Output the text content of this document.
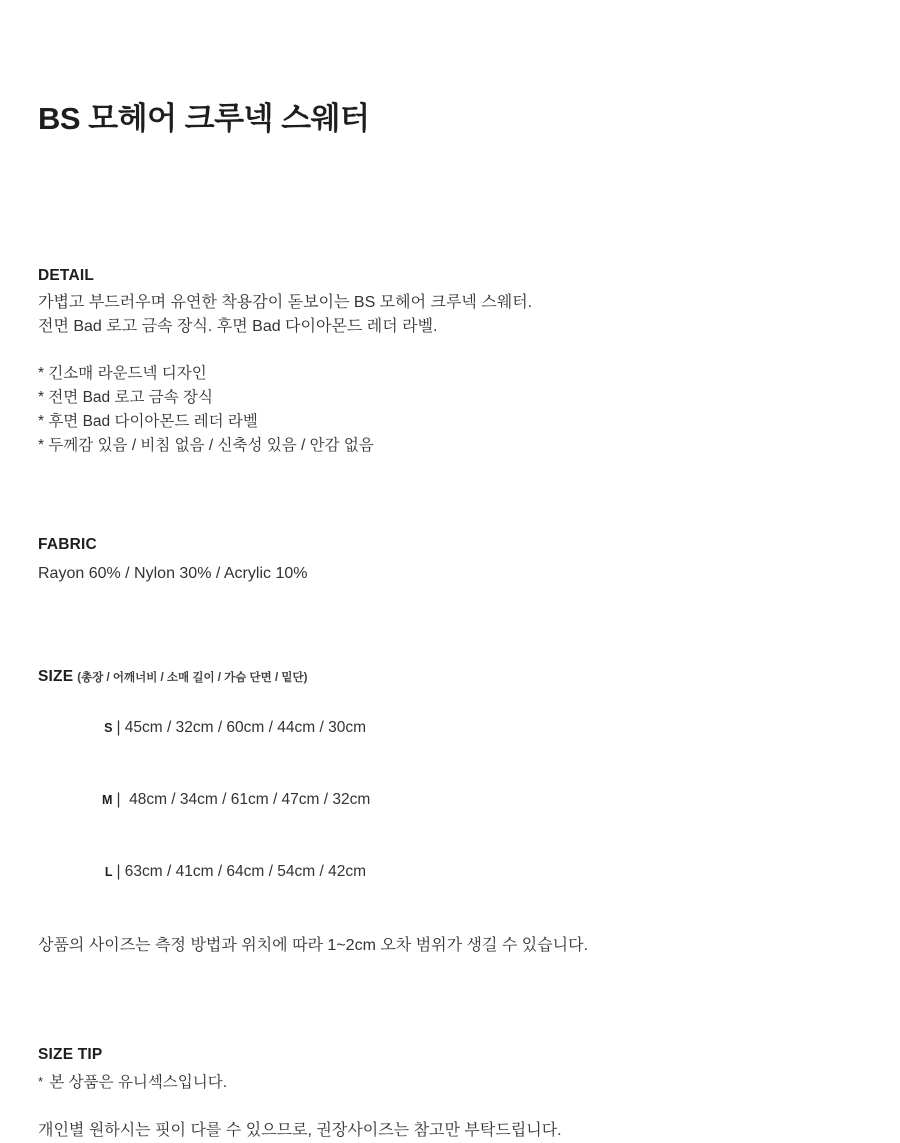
BS 모헤어 크루넥 스웨터
DETAIL

가볍고 부드러우며 유연한 착용감이 돋보이는 BS 모헤어 크루넥 스웨터.

전면 Bad 로고 금속 장식. 후면 Bad 다이아몬드 레더 라벨.

* 긴소매 라운드넥 디자인
* 전면 Bad 로고 금속 장식
* 후면 Bad 다이아몬드 레더 라벨
* 두께감 있음 / 비침 없음 / 신축성 있음 / 안감 없음
FABRIC

Rayon 60% / Nylon 30% / Acrylic 10%

SIZE (총장 / 어깨너비 / 소매 길이 / 가슴 단면 / 밑단)

S | 45cm / 32cm / 60cm / 44cm / 30cm

M |  48cm / 34cm / 61cm / 47cm / 32cm

L | 63cm / 41cm / 64cm / 54cm / 42cm

상품의 사이즈는 측정 방법과 위치에 따라 1~2cm 오차 범위가 생길 수 있습니다.

SIZE TIP

* 본 상품은 유니섹스입니다.

개인별 원하시는 핏이 다를 수 있으므로, 권장사이즈는 참고만 부탁드립니다.
